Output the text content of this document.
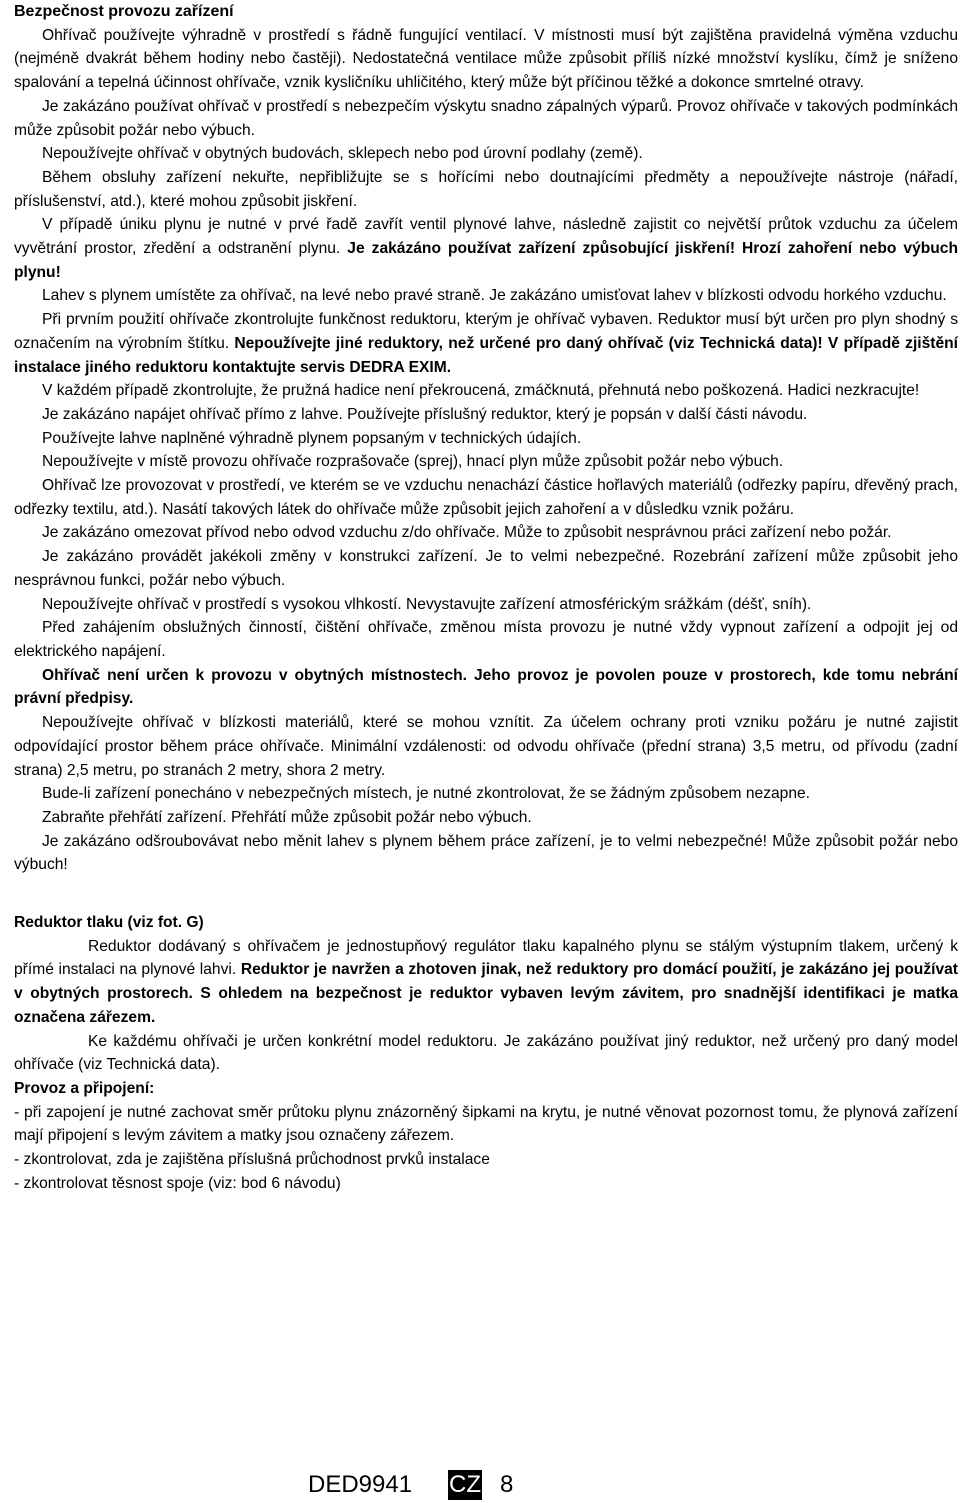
Bezpečnost provozu zařízení
• Ohřívač používejte výhradně v prostředí s řádně fungující ventilací. V místnosti musí být zajištěna pravidelná výměna vzduchu (nejméně dvakrát během hodiny nebo častěji). Nedostatečná ventilace může způsobit příliš nízké množství kyslíku, čímž je sníženo spalování a tepelná účinnost ohřívače, vznik kysličníku uhličitého, který může být příčinou těžké a dokonce smrtelné otravy.
• Je zakázáno používat ohřívač v prostředí s nebezpečím výskytu snadno zápalných výparů. Provoz ohřívače v takových podmínkách může způsobit požár nebo výbuch.
• Nepoužívejte ohřívač v obytných budovách, sklepech nebo pod úrovní podlahy (země).
• Během obsluhy zařízení nekuřte, nepřibližujte se s hořícími nebo doutnajícími předměty a nepoužívejte nástroje (nářadí, příslušenství, atd.), které mohou způsobit jiskření.
• V případě úniku plynu je nutné v prvé řadě zavřít ventil plynové lahve, následně zajistit co největší průtok vzduchu za účelem vyvětrání prostor, zředění a odstranění plynu. Je zakázáno používat zařízení způsobující jiskření! Hrozí zahoření nebo výbuch plynu!
• Lahev s plynem umístěte za ohřívač, na levé nebo pravé straně. Je zakázáno umisťovat lahev v blízkosti odvodu horkého vzduchu.
• Při prvním použití ohřívače zkontrolujte funkčnost reduktoru, kterým je ohřívač vybaven. Reduktor musí být určen pro plyn shodný s označením na výrobním štítku. Nepoužívejte jiné reduktory, než určené pro daný ohřívač (viz Technická data)! V případě zjištění instalace jiného reduktoru kontaktujte servis DEDRA EXIM.
• V každém případě zkontrolujte, že pružná hadice není překroucená, zmáčknutá, přehnutá nebo poškozená. Hadici nezkracujte!
• Je zakázáno napájet ohřívač přímo z lahve. Používejte příslušný reduktor, který je popsán v další části návodu.
• Používejte lahve naplněné výhradně plynem popsaným v technických údajích.
• Nepoužívejte v místě provozu ohřívače rozprašovače (sprej), hnací plyn může způsobit požár nebo výbuch.
• Ohřívač lze provozovat v prostředí, ve kterém se ve vzduchu nenachází částice hořlavých materiálů (odřezky papíru, dřevěný prach, odřezky textilu, atd.). Nasátí takových látek do ohřívače může způsobit jejich zahoření a v důsledku vznik požáru.
• Je zakázáno omezovat přívod nebo odvod vzduchu z/do ohřívače. Může to způsobit nesprávnou práci zařízení nebo požár.
• Je zakázáno provádět jakékoli změny v konstrukci zařízení. Je to velmi nebezpečné. Rozebrání zařízení může způsobit jeho nesprávnou funkci, požár nebo výbuch.
• Nepoužívejte ohřívač v prostředí s vysokou vlhkostí. Nevystavujte zařízení atmosférickým srážkám (déšť, sníh).
• Před zahájením obslužných činností, čištění ohřívače, změnou místa provozu je nutné vždy vypnout zařízení a odpojit jej od elektrického napájení.
• Ohřívač není určen k provozu v obytných místnostech. Jeho provoz je povolen pouze v prostorech, kde tomu nebrání právní předpisy.
• Nepoužívejte ohřívač v blízkosti materiálů, které se mohou vznítit. Za účelem ochrany proti vzniku požáru je nutné zajistit odpovídající prostor během práce ohřívače. Minimální vzdálenosti: od odvodu ohřívače (přední strana) 3,5 metru, od přívodu (zadní strana) 2,5 metru, po stranách 2 metry, shora 2 metry.
• Bude-li zařízení ponecháno v nebezpečných místech, je nutné zkontrolovat, že se žádným způsobem nezapne.
• Zabraňte přehřátí zařízení. Přehřátí může způsobit požár nebo výbuch.
• Je zakázáno odšroubovávat nebo měnit lahev s plynem během práce zařízení, je to velmi nebezpečné! Může způsobit požár nebo výbuch!

Reduktor tlaku (viz fot. G)

Reduktor dodávaný s ohřívačem je jednostupňový regulátor tlaku kapalného plynu se stálým výstupním tlakem, určený k přímé instalaci na plynové lahvi. Reduktor je navržen a zhotoven jinak, než reduktory pro domácí použití, je zakázáno jej používat v obytných prostorech. S ohledem na bezpečnost je reduktor vybaven levým závitem, pro snadnější identifikaci je matka označena zářezem.

Ke každému ohřívači je určen konkrétní model reduktoru. Je zakázáno používat jiný reduktor, než určený pro daný model ohřívače (viz Technická data).

Provoz a připojení:

- při zapojení je nutné zachovat směr průtoku plynu znázorněný šipkami na krytu, je nutné věnovat pozornost tomu, že plynová zařízení mají připojení s levým závitem a matky jsou označeny zářezem.

- zkontrolovat, zda je zajištěna příslušná průchodnost prvků instalace

- zkontrolovat těsnost spoje (viz: bod 6 návodu)

DED9941 CZ 8
